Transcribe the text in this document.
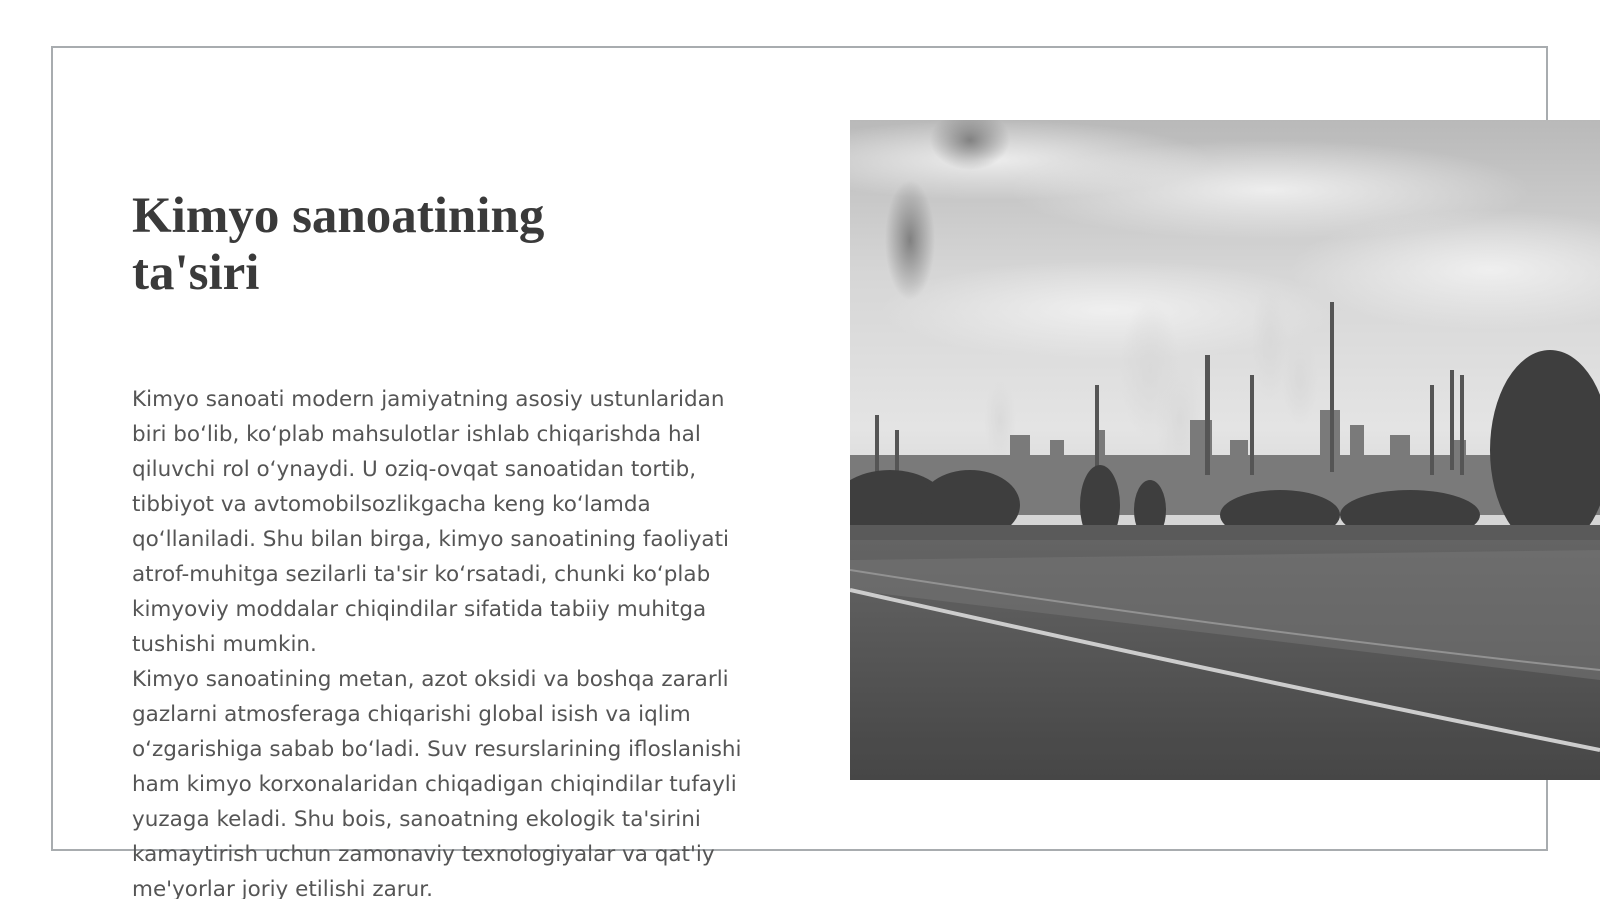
Kimyo sanoatining
ta'siri

Kimyo sanoati modern jamiyatning asosiy ustunlaridan biri bo‘lib, ko‘plab mahsulotlar ishlab chiqarishda hal qiluvchi rol o‘ynaydi. U oziq-ovqat sanoatidan tortib, tibbiyot va avtomobilsozlikgacha keng ko‘lamda qo‘llaniladi. Shu bilan birga, kimyo sanoatining faoliyati atrof-muhitga sezilarli ta'sir ko‘rsatadi, chunki ko‘plab kimyoviy moddalar chiqindilar sifatida tabiiy muhitga tushishi mumkin.

Kimyo sanoatining metan, azot oksidi va boshqa zararli gazlarni atmosferaga chiqarishi global isish va iqlim o‘zgarishiga sabab bo‘ladi. Suv resurslarining ifloslanishi ham kimyo korxonalaridan chiqadigan chiqindilar tufayli yuzaga keladi. Shu bois, sanoatning ekologik ta'sirini kamaytirish uchun zamonaviy texnologiyalar va qat'iy me'yorlar joriy etilishi zarur.
